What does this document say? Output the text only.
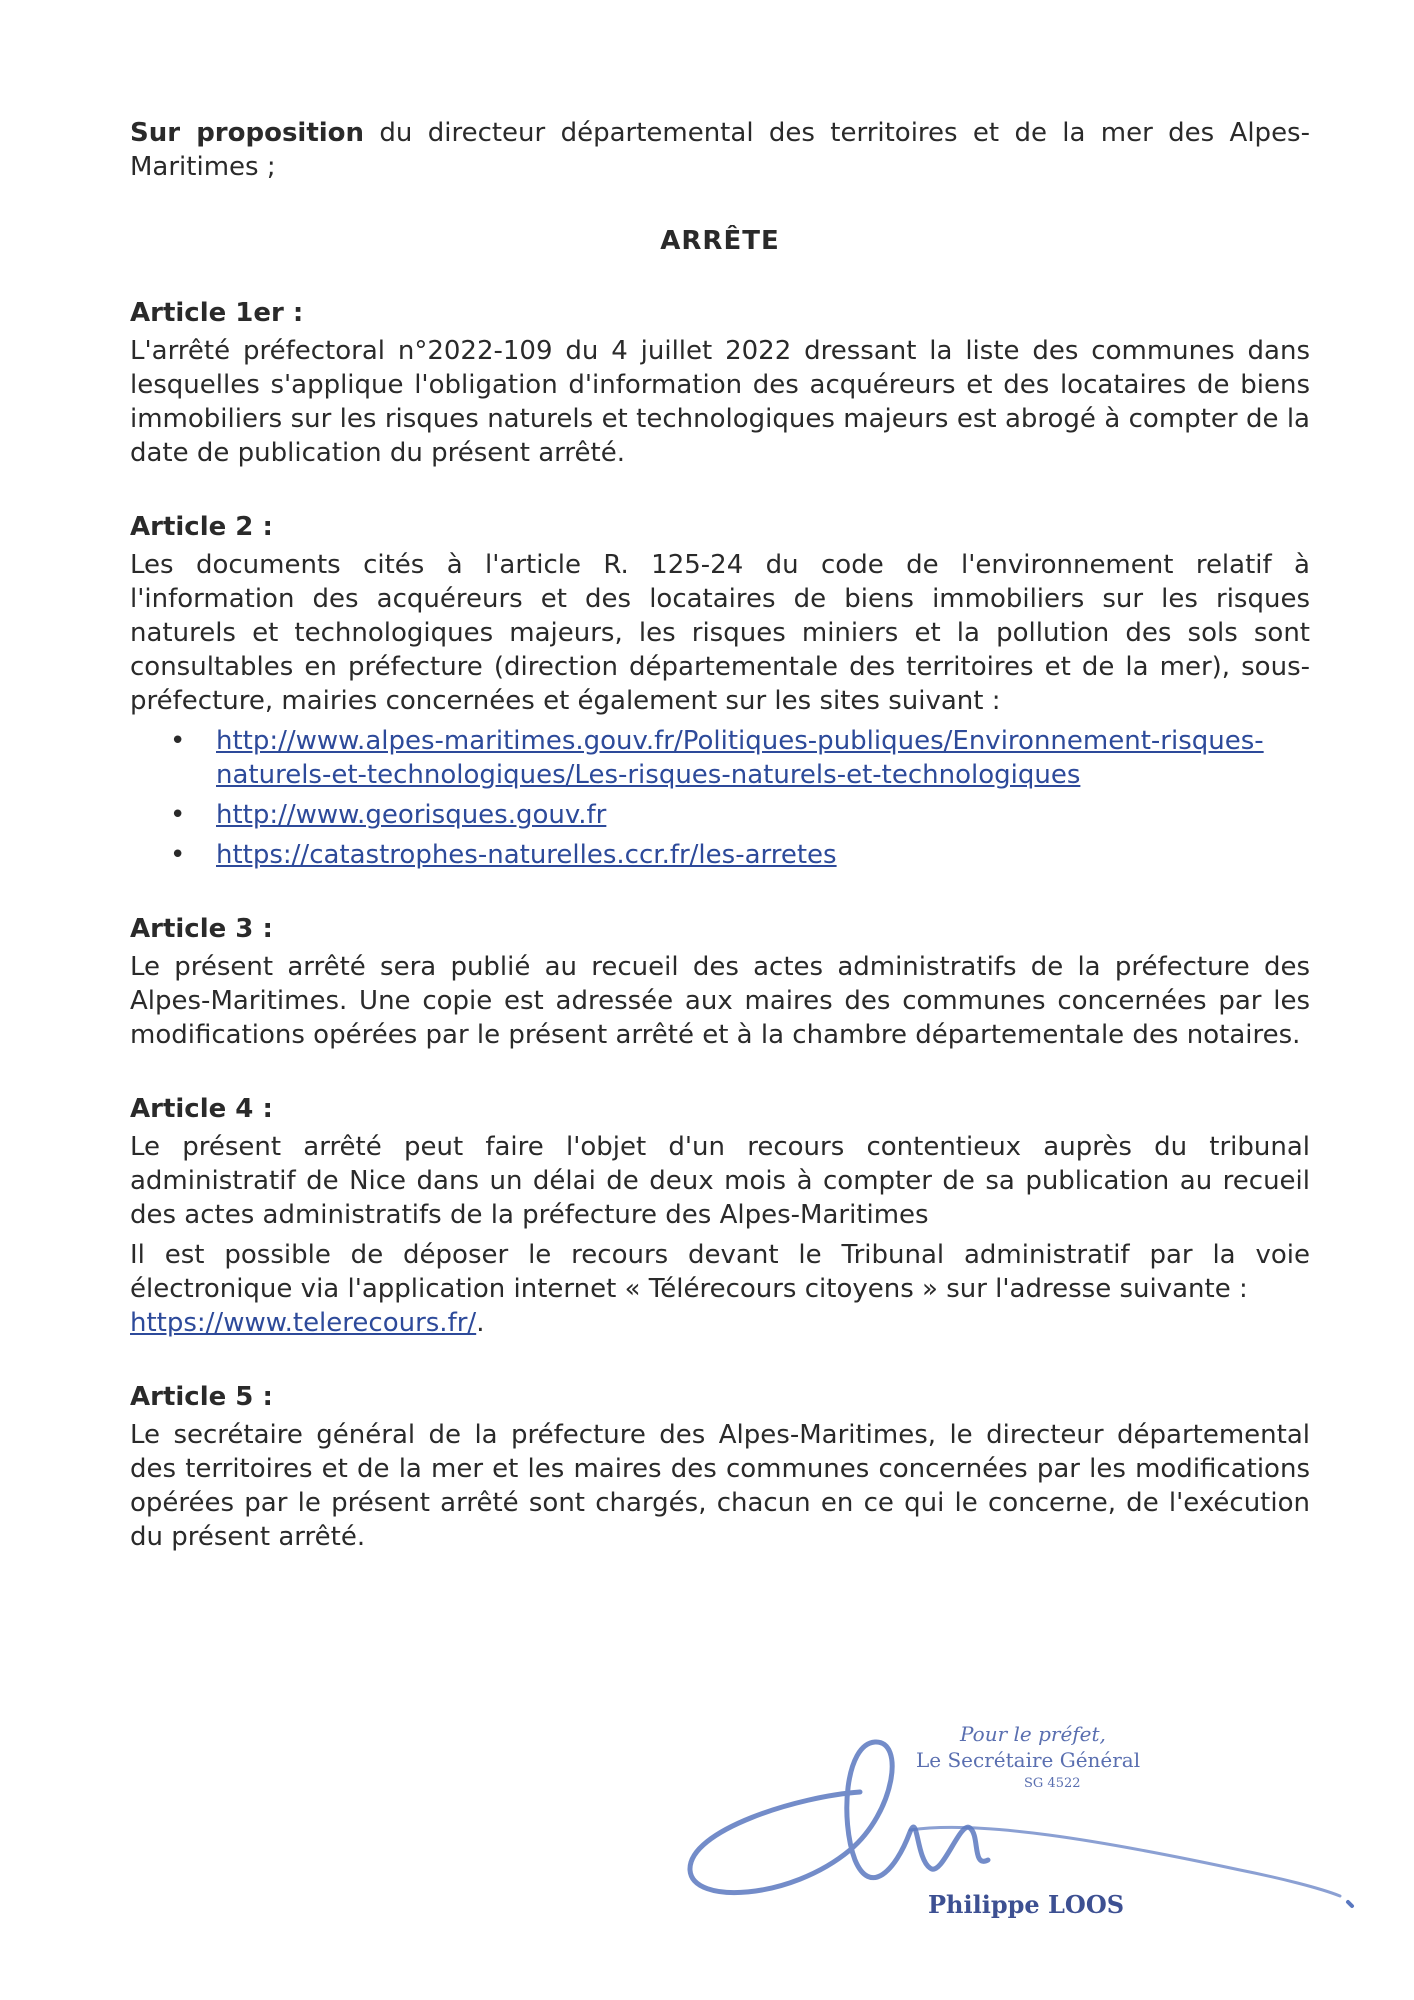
Sur proposition du directeur départemental des territoires et de la mer des Alpes-Maritimes ;

ARRÊTE

Article 1er :

L'arrêté préfectoral n°2022-109 du 4 juillet 2022 dressant la liste des communes dans lesquelles s'applique l'obligation d'information des acquéreurs et des locataires de biens immobiliers sur les risques naturels et technologiques majeurs est abrogé à compter de la date de publication du présent arrêté.

Article 2 :

Les documents cités à l'article R. 125-24 du code de l'environnement relatif à l'information des acquéreurs et des locataires de biens immobiliers sur les risques naturels et technologiques majeurs, les risques miniers et la pollution des sols sont consultables en préfecture (direction départementale des territoires et de la mer), sous-préfecture, mairies concernées et également sur les sites suivant :

• http://www.alpes-maritimes.gouv.fr/Politiques-publiques/Environnement-risques-naturels-et-technologiques/Les-risques-naturels-et-technologiques
• http://www.georisques.gouv.fr
• https://catastrophes-naturelles.ccr.fr/les-arretes

Article 3 :

Le présent arrêté sera publié au recueil des actes administratifs de la préfecture des Alpes-Maritimes. Une copie est adressée aux maires des communes concernées par les modifications opérées par le présent arrêté et à la chambre départementale des notaires.

Article 4 :

Le présent arrêté peut faire l'objet d'un recours contentieux auprès du tribunal administratif de Nice dans un délai de deux mois à compter de sa publication au recueil des actes administratifs de la préfecture des Alpes-Maritimes

Il est possible de déposer le recours devant le Tribunal administratif par la voie électronique via l'application internet « Télérecours citoyens » sur l'adresse suivante :

https://www.telerecours.fr/.

Article 5 :

Le secrétaire général de la préfecture des Alpes-Maritimes, le directeur départemental des territoires et de la mer et les maires des communes concernées par les modifications opérées par le présent arrêté sont chargés, chacun en ce qui le concerne, de l'exécution du présent arrêté.

Pour le préfet,
Le Secrétaire Général
SG 4522
Philippe LOOS
